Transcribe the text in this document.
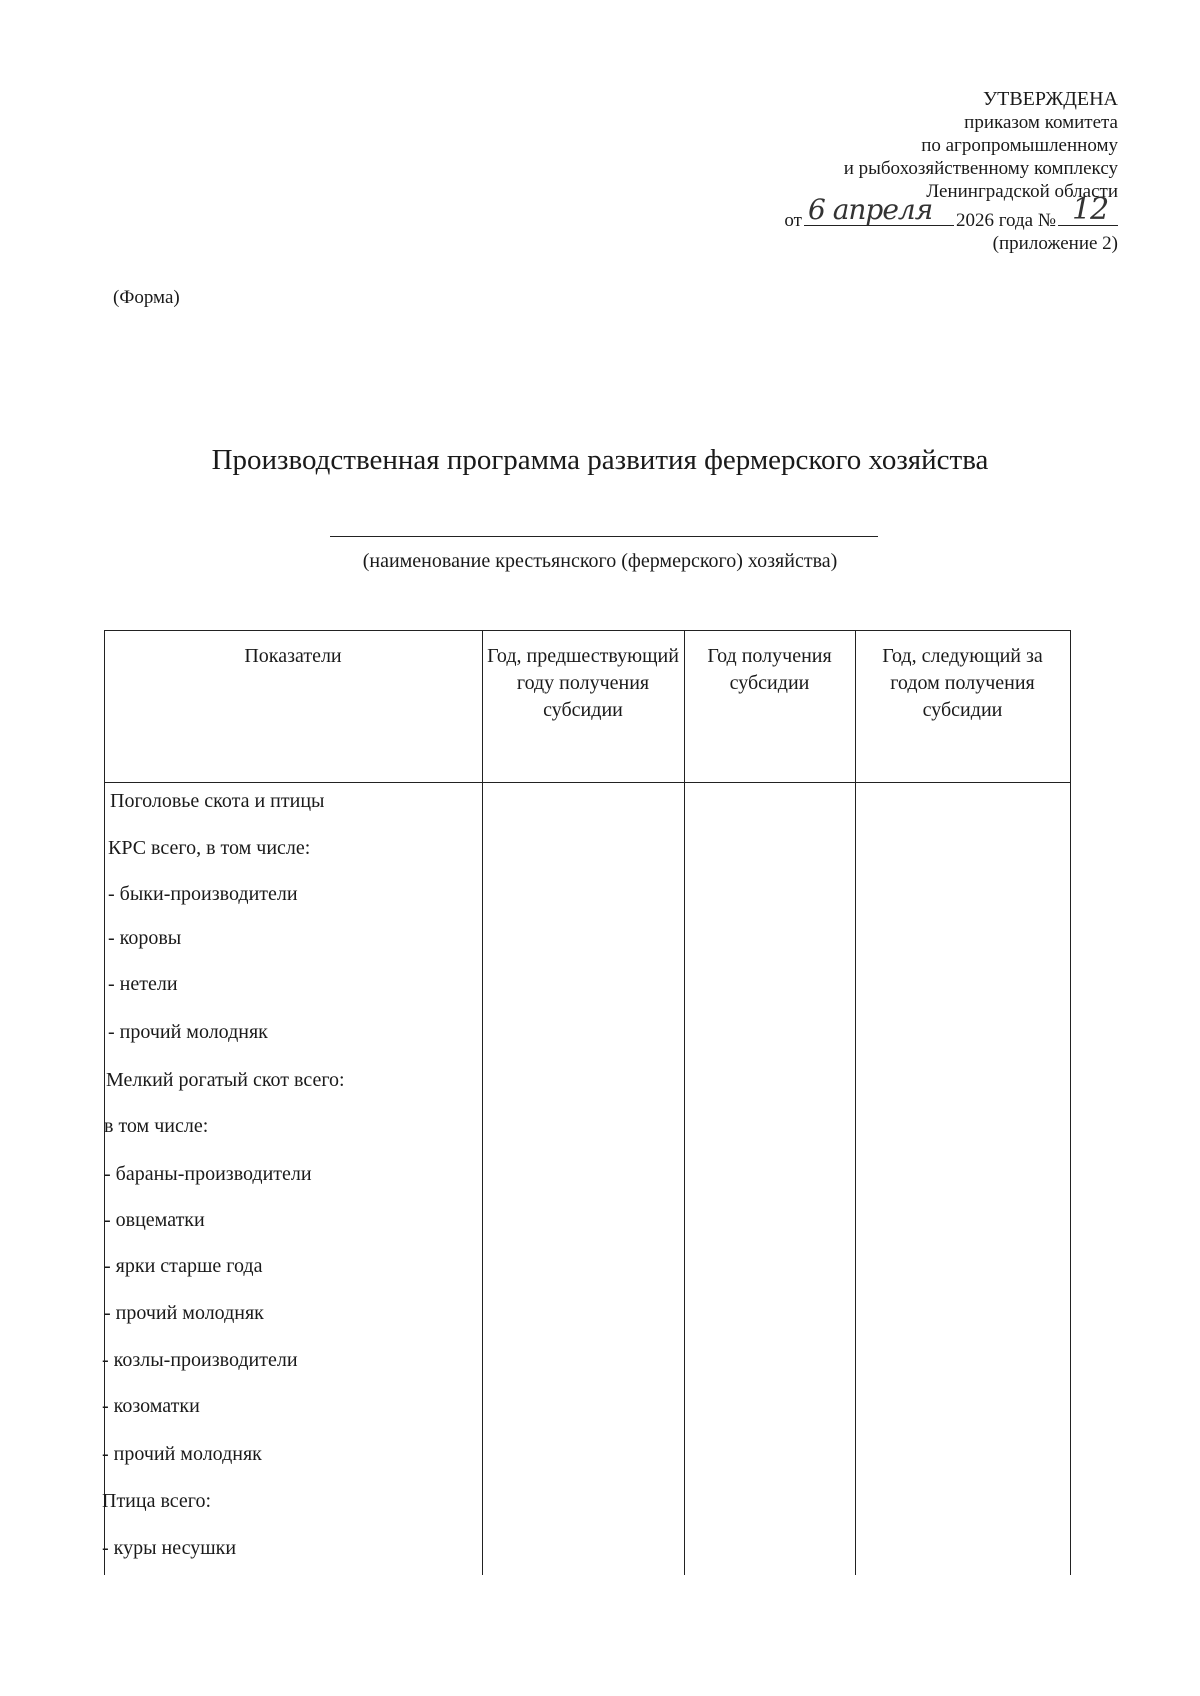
УТВЕРЖДЕНА
приказом комитета
по агропромышленному
и рыбохозяйственному комплексу
Ленинградской области
от 6 апреля 2026 года № 12
(приложение 2)
(Форма)
Производственная программа развития фермерского хозяйства
(наименование крестьянского (фермерского) хозяйства)
Показатели	Год, предшествующий году получения субсидии
Год получения субсидии
Год, следующий за годом получения субсидии
Поголовье скота и птицы
КРС всего, в том числе:
- быки-производители
- коровы
- нетели
- прочий молодняк
Мелкий рогатый скот всего:
в том числе:
- бараны-производители
- овцематки
- ярки старше года
- прочий молодняк
- козлы-производители
- козоматки
- прочий молодняк
Птица всего:
- куры несушки
